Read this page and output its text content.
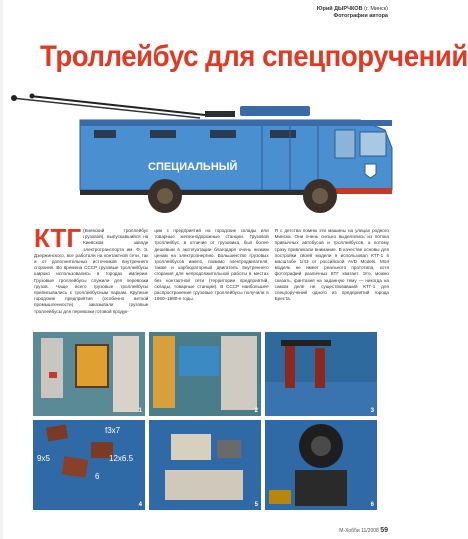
Юрий ДЫРЧКОВ (г. Минск)
Фотографии автора
Троллейбус для спецпоручений
СПЕЦИАЛЬНЫЙ
КТГ (Киевский троллейбус грузовой), выпускавшийся на Киевском заводе электротранспорта им. Ф. Э. Дзержинского, все работали на контактной сети, так и от дополнительных источников внутреннего сгорания. Во времена СССР грузовые троллейбусы широко использовались в городах империи. Грузовые троллейбусы служили для перевозки грузов. Чаще всего грузовые троллейбусы приписывались к троллейбусным паркам. Крупные городские предприятия (особенно ветхой промышленности) заказывали грузовые троллейбусы для перевозки готовой продук-

ции с предприятий на городские склады или товарные железнодорожные станции. Грузовой троллейбус, в отличие от грузовика, был более дешевым в эксплуатации благодаря очень низким ценам на электроэнергию. Большинство грузовых троллейбусов имело, помимо электродвигателя, также и карбюраторный двигатель внутреннего сгорания для непродолжительной работы в местах без контактной сети (территории предприятий, склады, товарные станции). В СССР наибольшее распространение грузовые троллейбусы получили в 1960–1980-е годы.

Я с детства помню эти машины на улицах родного Минска. Они очень сильно выделялись из потока привычных автобусов и троллейбусов, а потому сразу привлекали внимание. В качестве основы для постройки своей модели я использовал КТГ-1 в масштабе 1/43 от российской AVD Models. Моя модель не имеет реального прототипа, хотя фотографий различных КТГ хватает. Это, можно сказать, фантазия на заданную тему — никогда на самом деле не существовавший КТГ-1 для спецпоручений одного из предприятий города Бреста.

1	2	3
f3x7
9x5
6
12x6.5
4	5	6
М-Хобби 11/2008 59
